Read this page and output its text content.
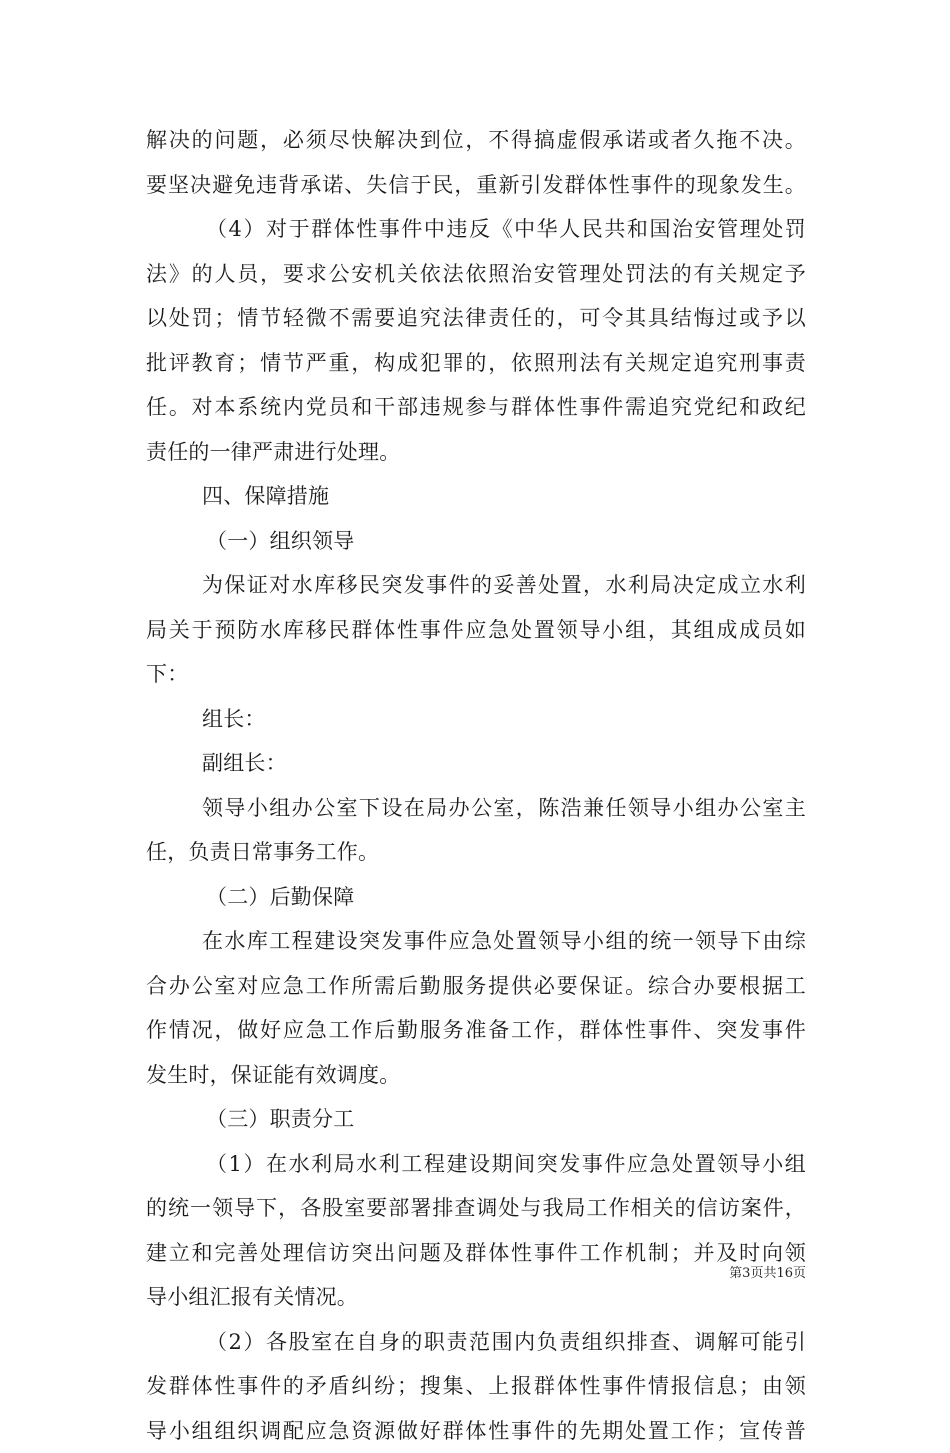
解决的问题，必须尽快解决到位，不得搞虚假承诺或者久拖不决。
要坚决避免违背承诺、失信于民，重新引发群体性事件的现象发生。
（4）对于群体性事件中违反《中华人民共和国治安管理处罚
法》的人员，要求公安机关依法依照治安管理处罚法的有关规定予
以处罚；情节轻微不需要追究法律责任的，可令其具结悔过或予以
批评教育；情节严重，构成犯罪的，依照刑法有关规定追究刑事责
任。对本系统内党员和干部违规参与群体性事件需追究党纪和政纪
责任的一律严肃进行处理。
四、保障措施
（一）组织领导
为保证对水库移民突发事件的妥善处置，水利局决定成立水利
局关于预防水库移民群体性事件应急处置领导小组，其组成成员如
下：
组长：
副组长：
领导小组办公室下设在局办公室，陈浩兼任领导小组办公室主
任，负责日常事务工作。
（二）后勤保障
在水库工程建设突发事件应急处置领导小组的统一领导下由综
合办公室对应急工作所需后勤服务提供必要保证。综合办要根据工
作情况，做好应急工作后勤服务准备工作，群体性事件、突发事件
发生时，保证能有效调度。
（三）职责分工
（1）在水利局水利工程建设期间突发事件应急处置领导小组
的统一领导下，各股室要部署排查调处与我局工作相关的信访案件，
建立和完善处理信访突出问题及群体性事件工作机制；并及时向领
导小组汇报有关情况。
（2）各股室在自身的职责范围内负责组织排查、调解可能引
发群体性事件的矛盾纠纷；搜集、上报群体性事件情报信息；由领
导小组组织调配应急资源做好群体性事件的先期处置工作；宣传普
第3页共16页
